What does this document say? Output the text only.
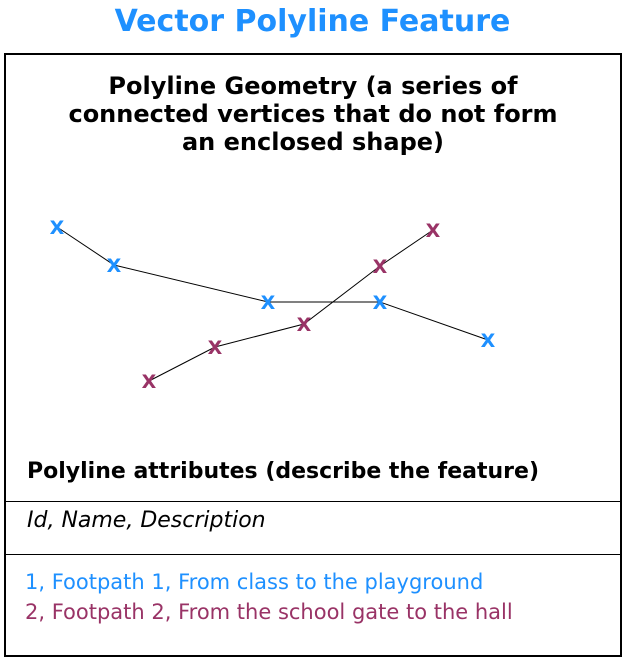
X
X
X	X
X
X
X
X
X
X
Vector Polyline Feature
Polyline Geometry (a series of
connected vertices that do not form
an enclosed shape)
Polyline attributes (describe the feature)
Id, Name, Description
1, Footpath 1, From class to the playground
2, Footpath 2, From the school gate to the hall
